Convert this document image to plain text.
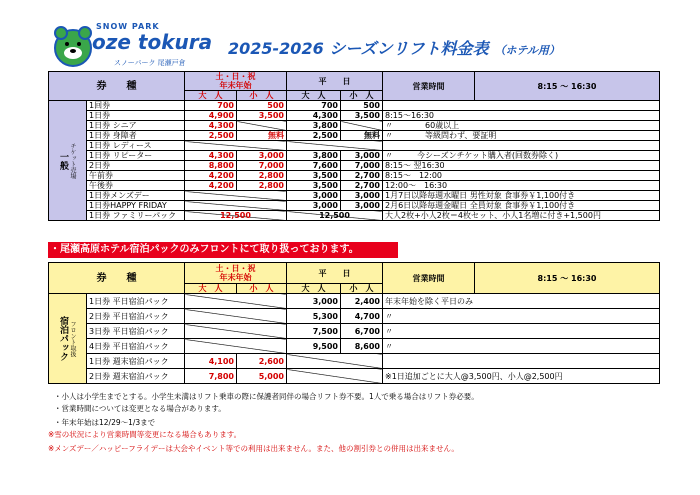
SNOW PARK
oze tokura
スノーパーク 尾瀬戸倉
2025-2026 シーズンリフト料金表 （ホテル用）
券　　種		土・日・祝
年末年始		平　　日		営業時間	8:15 ～ 16:30
		大　人	小　人	大　人	小　人		

チケット売場
一般	1回券	700	500	700	500		
	1日券	4,900	3,500	4,300	3,500	8:15～16:30	
	1日券 シニア	4,300		3,800		〃　　　　60歳以上	
	1日券 身障者	2,500	無料	2,500	無料	〃　　　　等級問わず、要証明	
	1日券 レディース						
	1日券 リピーター	4,300	3,000	3,800	3,000	〃　　　今シーズンチケット購入者(回数券除く)	
	2日券	8,800	7,000	7,600	7,000	8:15～ 翌16:30	
	午前券	4,200	2,800	3,500	2,700	8:15～　12:00	
	午後券	4,200	2,800	3,500	2,700	12:00～　16:30	
	1日券メンズデー			3,000	3,000	1月7日以降毎週水曜日 男性対象 食事券￥1,100付き	
	1日券HAPPY FRIDAY			3,000	3,000	2月6日以降毎週金曜日 全員対象 食事券￥1,100付き	
	1日券 ファミリーパック	12,500		12,500		大人2枚+小人2枚＝4枚セット、小人1名増に付き+1,500円	
・尾瀬高原ホテル宿泊パックのみフロントにて取り扱っております。
券　　種		土・日・祝
年末年始		平　　日		営業時間	8:15 ～ 16:30
		大　人	小　人	大　人	小　人		

フロント取扱
宿泊パック	1日券 平日宿泊パック			3,000	2,400	年末年始を除く平日のみ	
	2日券 平日宿泊パック			5,300	4,700	〃	
	3日券 平日宿泊パック			7,500	6,700	〃	
	4日券 平日宿泊パック			9,500	8,600	〃	
	1日券 週末宿泊パック	4,100	2,600				
	2日券 週末宿泊パック	7,800	5,000			※1日追加ごとに大人@3,500円、小人@2,500円	
・小人は小学生までとする。小学生未満はリフト乗車の際に保護者同伴の場合リフト券不要。1人で乗る場合はリフト券必要。
・営業時間については変更となる場合があります。
・年末年始は12/29～1/3まで
※雪の状況により営業時間等変更になる場合もあります。
※メンズデー／ハッピーフライデーは大会やイベント等での利用は出来ません。また、他の割引券との併用は出来ません。
